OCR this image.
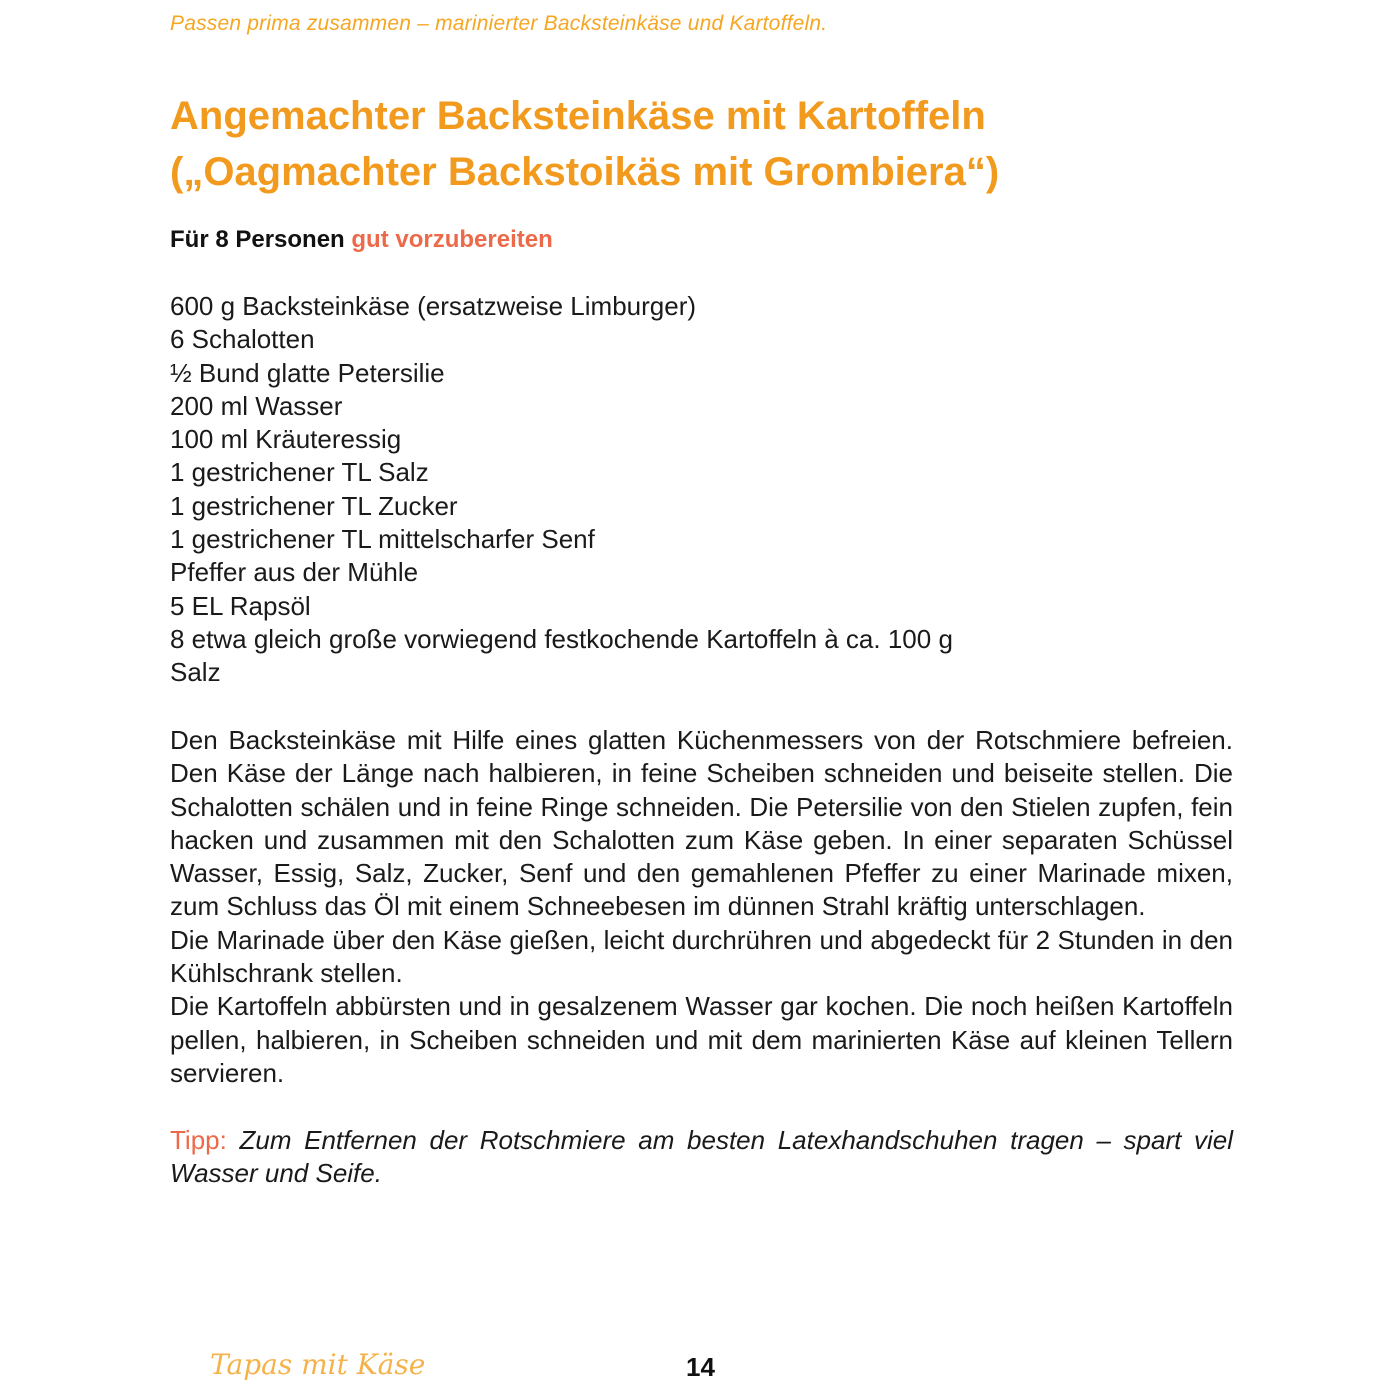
Passen prima zusammen – marinierter Backsteinkäse und Kartoffeln.
Angemachter Backsteinkäse mit Kartoffeln
(„Oagmachter Backstoikäs mit Grombiera“)
Für 8 Personen gut vorzubereiten
600 g Backsteinkäse (ersatzweise Limburger)
6 Schalotten
½ Bund glatte Petersilie
200 ml Wasser
100 ml Kräuteressig
1 gestrichener TL Salz
1 gestrichener TL Zucker
1 gestrichener TL mittelscharfer Senf
Pfeffer aus der Mühle
5 EL Rapsöl
8 etwa gleich große vorwiegend festkochende Kartoffeln à ca. 100 g
Salz

Den Backsteinkäse mit Hilfe eines glatten Küchenmessers von der Rotschmiere befreien. Den Käse der Länge nach halbieren, in feine Scheiben schneiden und beiseite stellen. Die Schalotten schälen und in feine Ringe schneiden. Die Petersilie von den Stielen zupfen, fein hacken und zusammen mit den Schalotten zum Käse geben. In einer separaten Schüssel Wasser, Essig, Salz, Zucker, Senf und den gemahlenen Pfeffer zu einer Marinade mixen, zum Schluss das Öl mit einem Schneebesen im dünnen Strahl kräftig unterschlagen.

Die Marinade über den Käse gießen, leicht durchrühren und abgedeckt für 2 Stunden in den Kühlschrank stellen.

Die Kartoffeln abbürsten und in gesalzenem Wasser gar kochen. Die noch heißen Kartoffeln pellen, halbieren, in Scheiben schneiden und mit dem marinierten Käse auf kleinen Tellern servieren.

Tipp: Zum Entfernen der Rotschmiere am besten Latexhandschuhen tragen – spart viel Wasser und Seife.
Tapas mit Käse	14
